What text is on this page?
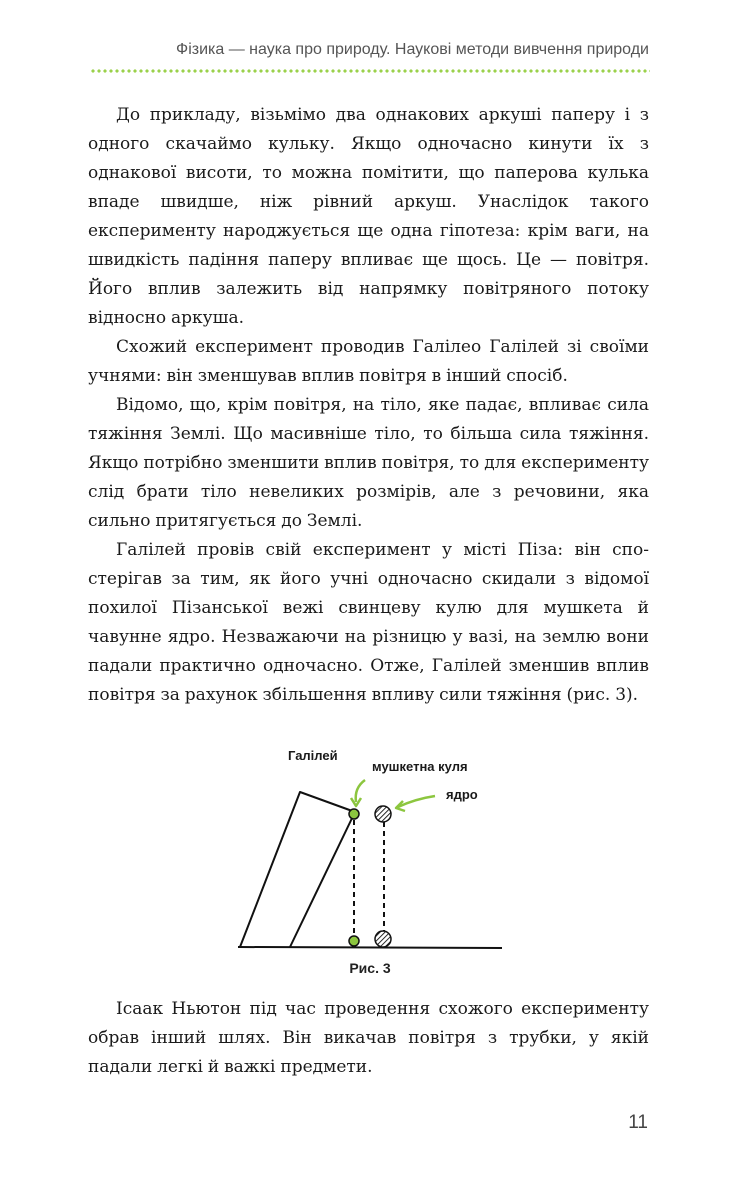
Фізика — наука про природу. Наукові методи вивчення природи

До прикладу, візьмімо два однакових аркуші паперу і з одного скачаймо кульку. Якщо одночасно кинути їх з однакової висоти, то можна помітити, що паперова кулька впаде швидше, ніж рівний аркуш. Унаслідок такого експерименту народжується ще одна гіпотеза: крім ваги, на швидкість падіння паперу впливає ще щось. Це — повітря. Його вплив залежить від напрямку повітряного потоку відносно аркуша.

Схожий експеримент проводив Галілео Галілей зі своїми учнями: він зменшував вплив повітря в інший спосіб.

Відомо, що, крім повітря, на тіло, яке падає, впливає сила тяжіння Землі. Що масивніше тіло, то більша сила тяжіння. Якщо потрібно зменшити вплив повітря, то для експерименту слід брати тіло невеликих розмірів, але з речовини, яка сильно притягується до Землі.

Галілей провів свій експеримент у місті Піза: він спостерігав за тим, як його учні одночасно скидали з відомої похилої Пізанської вежі свинцеву кулю для мушкета й чавунне ядро. Незважаючи на різницю у вазі, на землю вони падали практично одночасно. Отже, Галілей зменшив вплив повітря за рахунок збільшення впливу сили тяжіння (рис. 3).

Галілей
мушкетна куля
ядро
Рис. 3

Ісаак Ньютон під час проведення схожого експерименту обрав інший шлях. Він викачав повітря з трубки, у якій падали легкі й важкі предмети.

11
